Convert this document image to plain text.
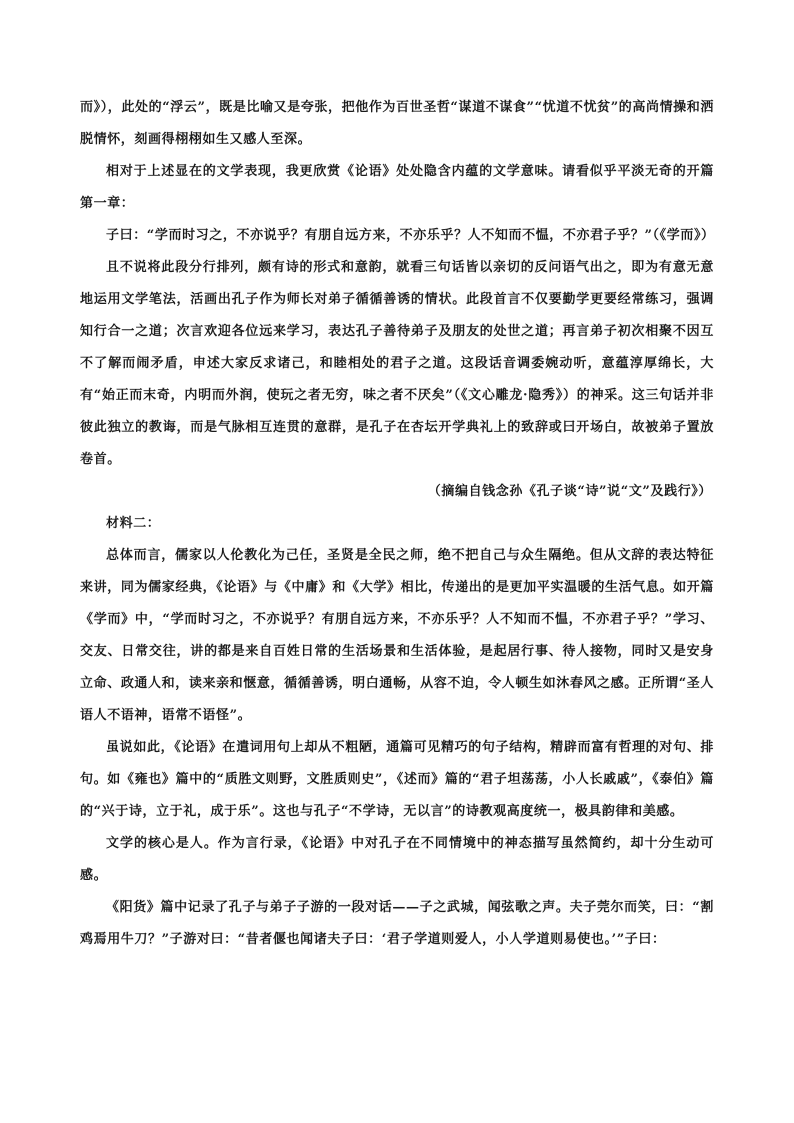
而》），此处的“浮云”，既是比喻又是夸张，把他作为百世圣哲“谋道不谋食”“忧道不忧贫”的高尚情操和洒脱情怀，刻画得栩栩如生又感人至深。

相对于上述显在的文学表现，我更欣赏《论语》处处隐含内蕴的文学意味。请看似乎平淡无奇的开篇第一章：

子曰：“学而时习之，不亦说乎？有朋自远方来，不亦乐乎？人不知而不愠，不亦君子乎？”（《学而》）

且不说将此段分行排列，颇有诗的形式和意韵，就看三句话皆以亲切的反问语气出之，即为有意无意地运用文学笔法，活画出孔子作为师长对弟子循循善诱的情状。此段首言不仅要勤学更要经常练习，强调知行合一之道；次言欢迎各位远来学习，表达孔子善待弟子及朋友的处世之道；再言弟子初次相聚不因互不了解而闹矛盾，申述大家反求诸己，和睦相处的君子之道。这段话音调委婉动听，意蕴淳厚绵长，大有“始正而末奇，内明而外润，使玩之者无穷，味之者不厌矣”（《文心雕龙·隐秀》）的神采。这三句话并非彼此独立的教诲，而是气脉相互连贯的意群，是孔子在杏坛开学典礼上的致辞或曰开场白，故被弟子置放卷首。

（摘编自钱念孙《孔子谈“诗”说“文”及践行》）

材料二：

总体而言，儒家以人伦教化为己任，圣贤是全民之师，绝不把自己与众生隔绝。但从文辞的表达特征来讲，同为儒家经典，《论语》与《中庸》和《大学》相比，传递出的是更加平实温暖的生活气息。如开篇《学而》中，“学而时习之，不亦说乎？有朋自远方来，不亦乐乎？人不知而不愠，不亦君子乎？”学习、交友、日常交往，讲的都是来自百姓日常的生活场景和生活体验，是起居行事、待人接物，同时又是安身立命、政通人和，读来亲和惬意，循循善诱，明白通畅，从容不迫，令人顿生如沐春风之感。正所谓“圣人语人不语神，语常不语怪”。

虽说如此，《论语》在遣词用句上却从不粗陋，通篇可见精巧的句子结构，精辟而富有哲理的对句、排句。如《雍也》篇中的“质胜文则野，文胜质则史”，《述而》篇的“君子坦荡荡，小人长戚戚”，《泰伯》篇的“兴于诗，立于礼，成于乐”。这也与孔子“不学诗，无以言”的诗教观高度统一，极具韵律和美感。

文学的核心是人。作为言行录，《论语》中对孔子在不同情境中的神态描写虽然简约，却十分生动可感。

《阳货》篇中记录了孔子与弟子子游的一段对话——子之武城，闻弦歌之声。夫子莞尔而笑，曰：“割鸡焉用牛刀？”子游对曰：“昔者偃也闻诸夫子曰：‘君子学道则爱人，小人学道则易使也。’”子曰：
